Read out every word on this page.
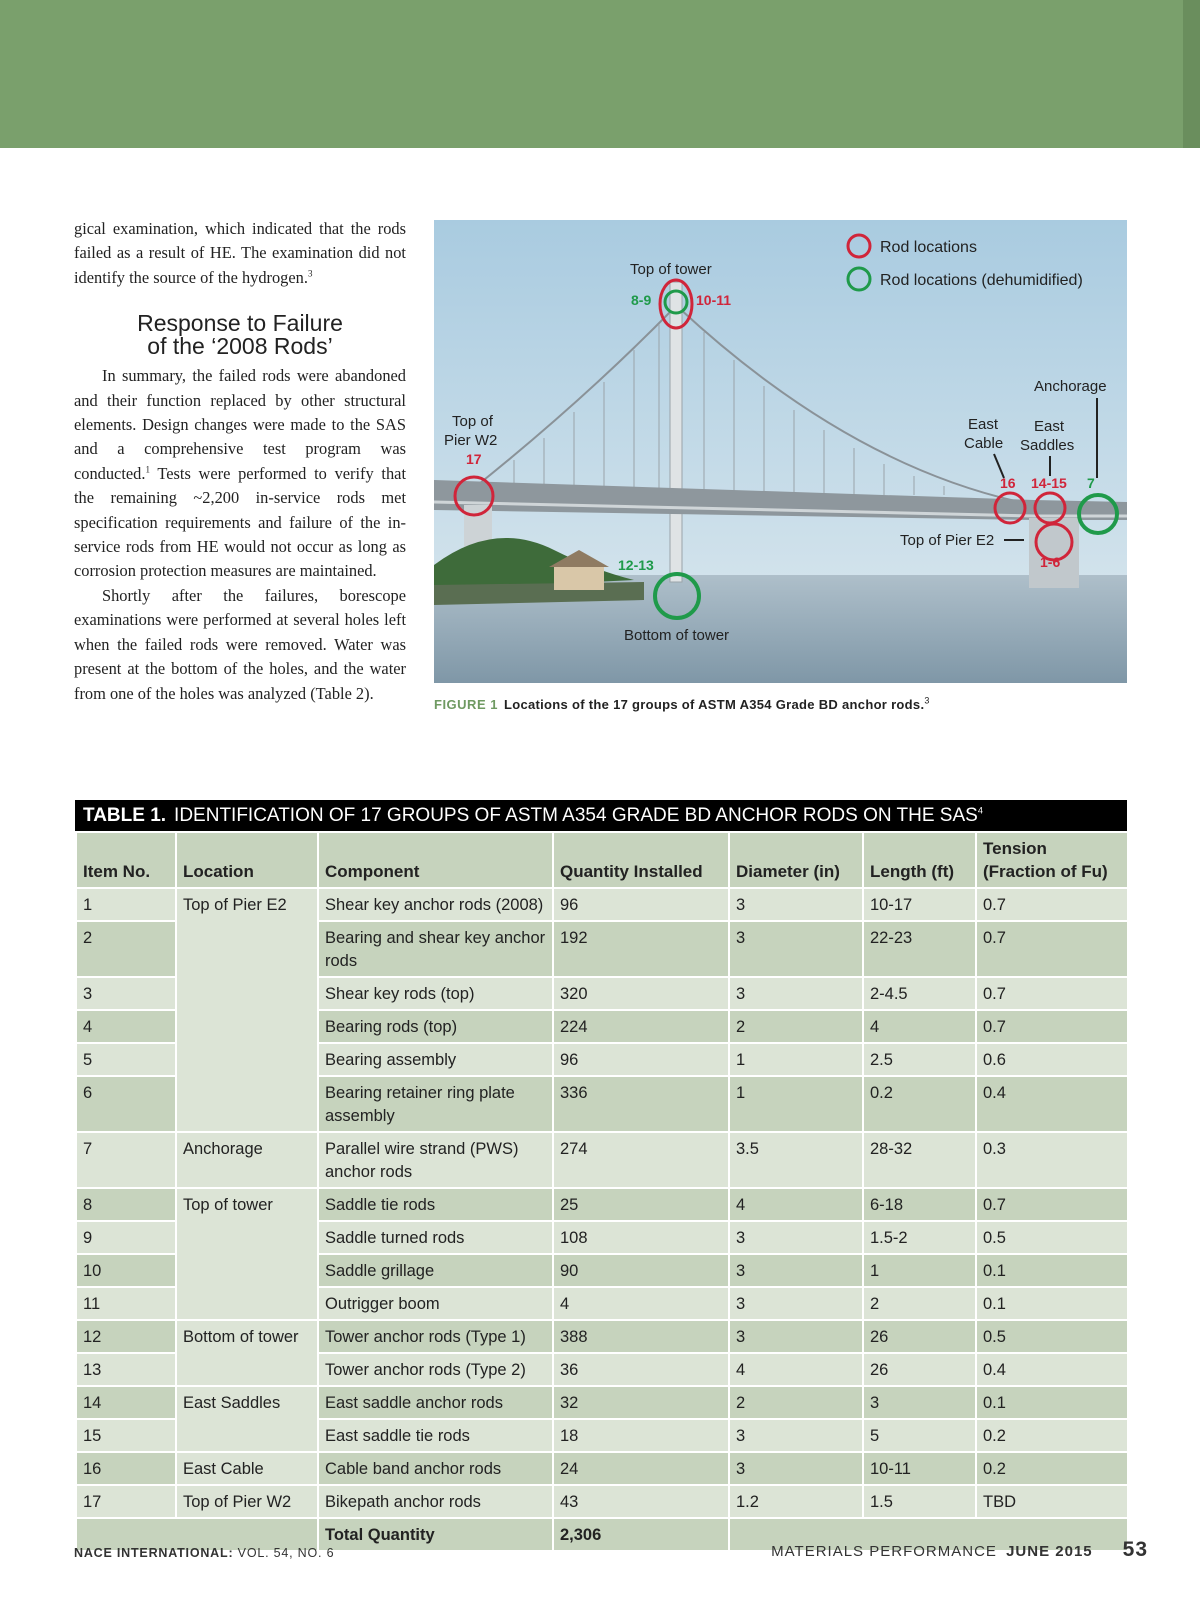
gical examination, which indicated that the rods failed as a result of HE. The examination did not identify the source of the hydrogen.$^3$

Response to Failure
of the ‘2008 Rods’

In summary, the failed rods were abandoned and their function replaced by other structural elements. Design changes were made to the SAS and a comprehensive test program was conducted.$^1$ Tests were performed to verify that the remaining ~2,200 in-service rods met specification requirements and failure of the in-service rods from HE would not occur as long as corrosion protection measures are maintained.

Shortly after the failures, borescope examinations were performed at several holes left when the failed rods were removed. Water was present at the bottom of the holes, and the water from one of the holes was analyzed (Table 2).

Rod locations
Rod locations (dehumidified)
Top of tower
8-9	10-11
Top of
Pier W2
17
Anchorage
East
Cable
East
Saddles
16 14-15 7
Top of Pier E2
1-6
12-13
Bottom of tower
FIGURE 1 Locations of the 17 groups of ASTM A354 Grade BD anchor rods.$^3$
TABLE 1. IDENTIFICATION OF 17 GROUPS OF ASTM A354 GRADE BD ANCHOR RODS ON THE SAS$^4$
Item No.	Location	Component	Quantity Installed	Diameter (in)	Length (ft)	Tension (Fraction of Fu)
1	Top of Pier E2	Shear key anchor rods (2008)	96	3	10-17	0.7
2		Bearing and shear key anchor rods	192	3	22-23	0.7
3		Shear key rods (top)	320	3	2-4.5	0.7
4		Bearing rods (top)	224	2	4	0.7
5		Bearing assembly	96	1	2.5	0.6
6		Bearing retainer ring plate assembly	336	1	0.2	0.4
7	Anchorage	Parallel wire strand (PWS) anchor rods	274	3.5	28-32	0.3
8	Top of tower	Saddle tie rods	25	4	6-18	0.7
9		Saddle turned rods	108	3	1.5-2	0.5
10		Saddle grillage	90	3	1	0.1
11		Outrigger boom	4	3	2	0.1
12	Bottom of tower	Tower anchor rods (Type 1)	388	3	26	0.5
13		Tower anchor rods (Type 2)	36	4	26	0.4
14	East Saddles	East saddle anchor rods	32	2	3	0.1
15		East saddle tie rods	18	3	5	0.2
16	East Cable	Cable band anchor rods	24	3	10-11	0.2
17	Top of Pier W2	Bikepath anchor rods	43	1.2	1.5	TBD
		Total Quantity	2,306			
NACE INTERNATIONAL: VOL. 54, NO. 6	MATERIALS PERFORMANCE JUNE 2015 53
